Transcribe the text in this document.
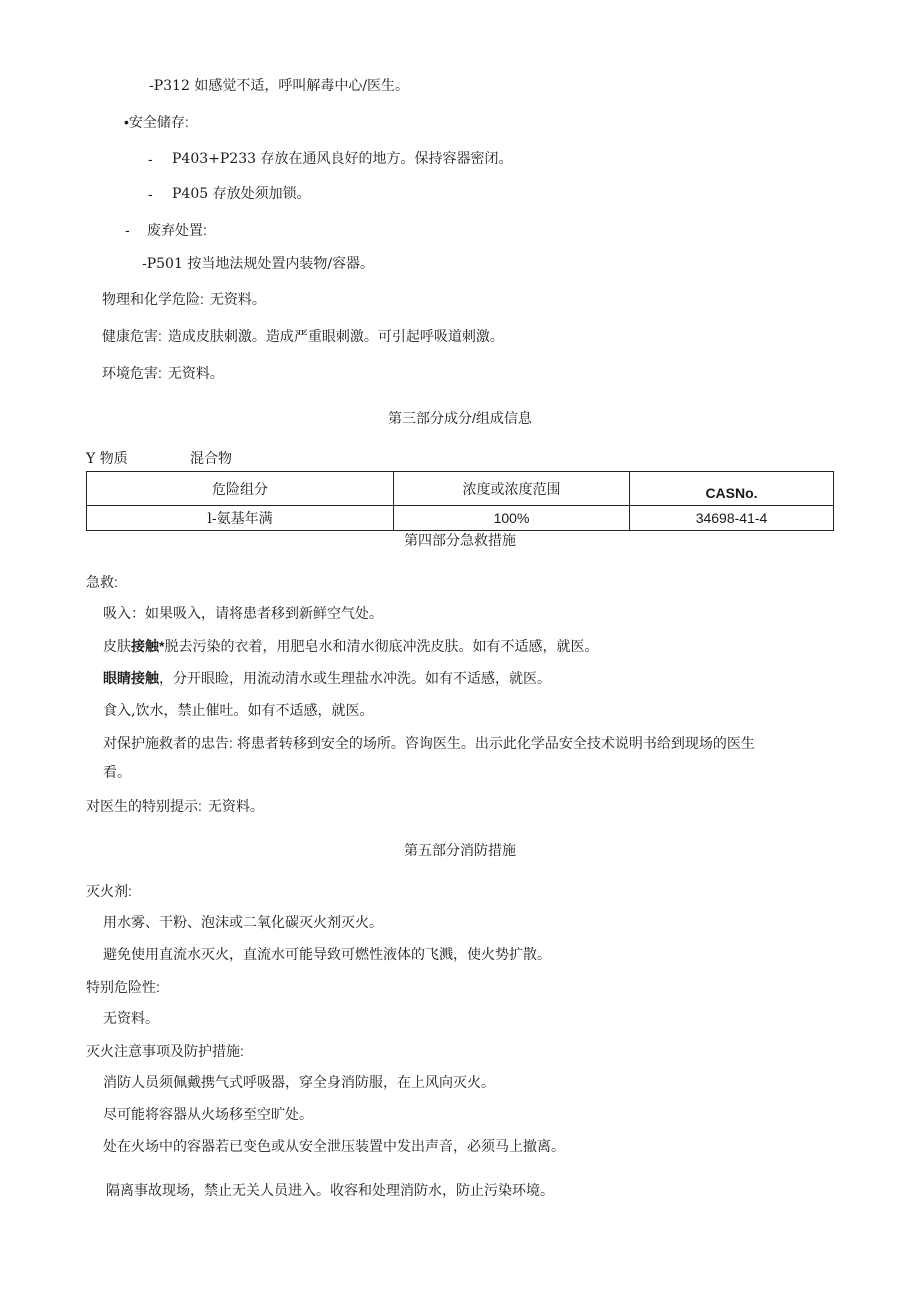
-P312 如感觉不适，呼叫解毒中心/医生。
•安全储存:
- P403+P233 存放在通风良好的地方。保持容器密闭。
- P405 存放处须加锁。
- 废弃处置:
-P501 按当地法规处置内装物/容器。
物理和化学危险: 无资料。
健康危害: 造成皮肤刺激。造成严重眼刺激。可引起呼吸道刺激。
环境危害: 无资料。
第三部分成分/组成信息
Y 物质	混合物
危险组分	浓度或浓度范围	CASNo.
l-氨基年满	100%	34698-41-4
第四部分急救措施
急救:
吸入：如果吸入，请将患者移到新鲜空气处。
皮肤接触*脱去污染的衣着，用肥皂水和清水彻底冲洗皮肤。如有不适感，就医。
眼睛接触，分开眼睑，用流动清水或生理盐水冲洗。如有不适感，就医。
食入,饮水，禁止催吐。如有不适感，就医。
对保护施救者的忠告: 将患者转移到安全的场所。咨询医生。出示此化学品安全技术说明书给到现场的医生
看。
对医生的特别提示: 无资料。
第五部分消防措施
灭火剂:
用水雾、干粉、泡沫或二氧化碳灭火剂灭火。
避免使用直流水灭火，直流水可能导致可燃性液体的飞溅，使火势扩散。
特别危险性:
无资料。
灭火注意事项及防护措施:
消防人员须佩戴携气式呼吸器，穿全身消防服，在上风向灭火。
尽可能将容器从火场移至空旷处。
处在火场中的容器若已变色或从安全泄压装置中发出声音，必须马上撤离。
隔离事故现场，禁止无关人员进入。收容和处理消防水，防止污染环境。
